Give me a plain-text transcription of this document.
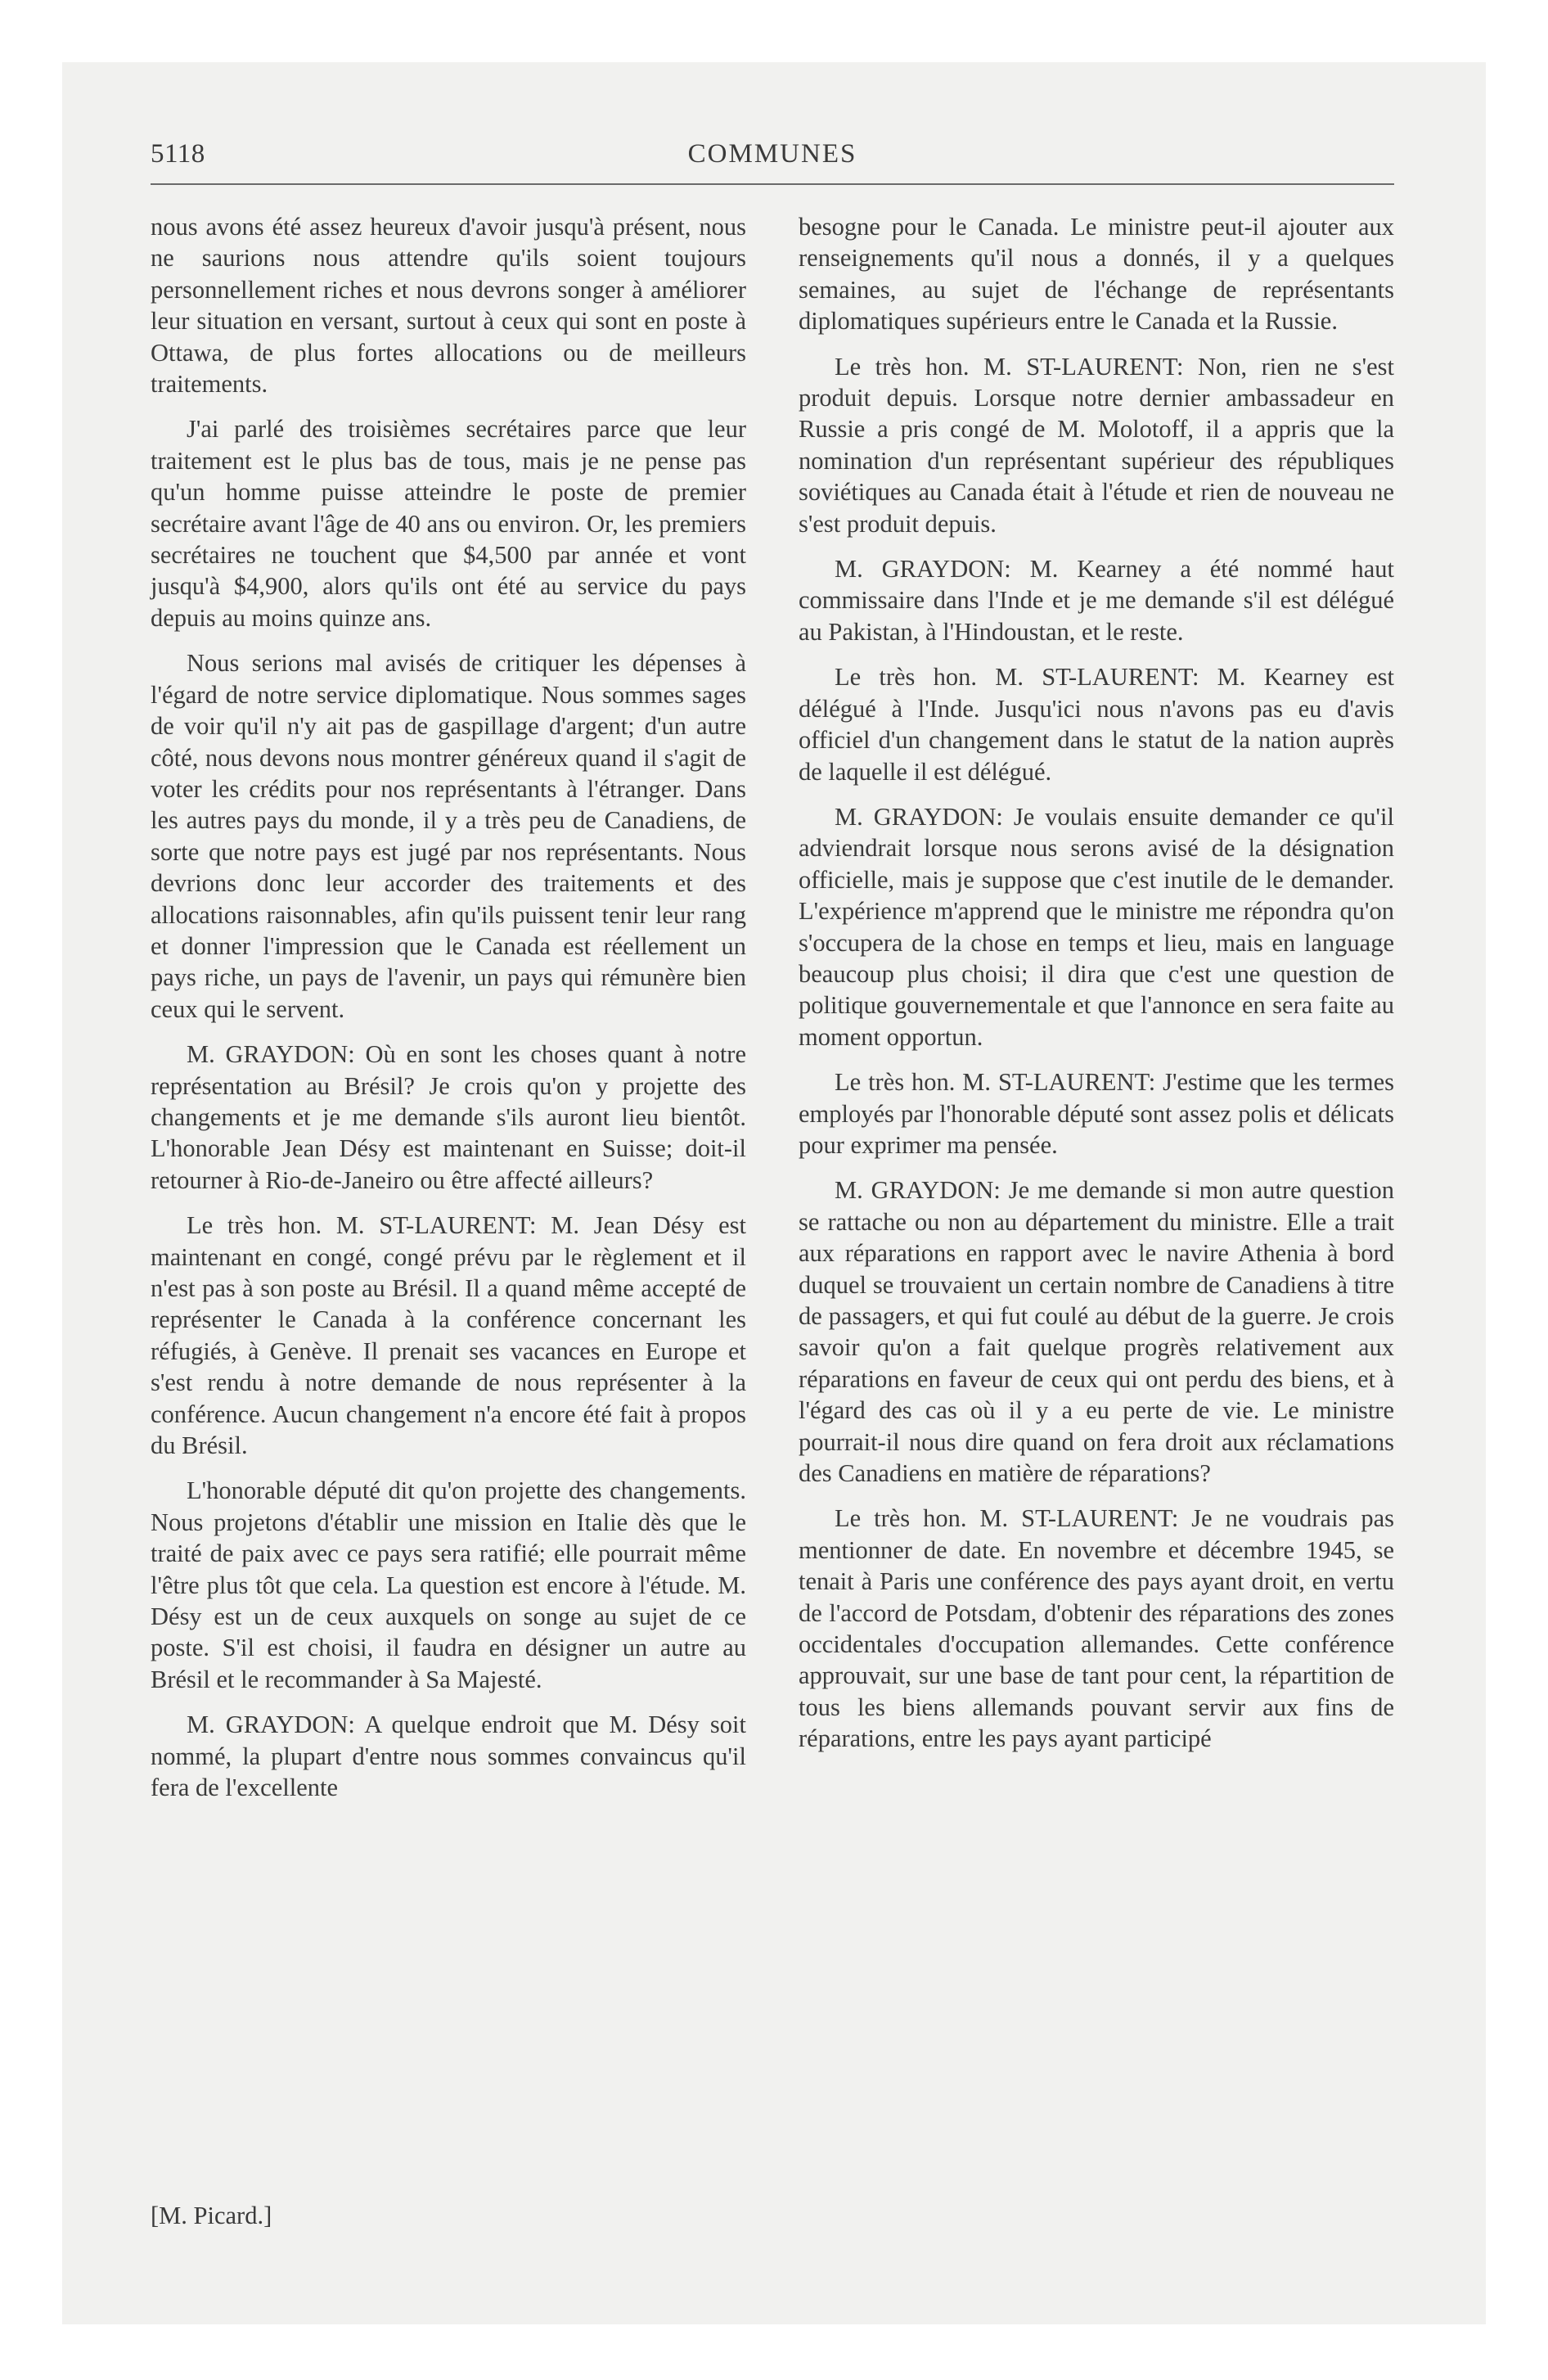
5118	COMMUNES

nous avons été assez heureux d'avoir jusqu'à présent, nous ne saurions nous attendre qu'ils soient toujours personnellement riches et nous devrons songer à améliorer leur situation en versant, surtout à ceux qui sont en poste à Ottawa, de plus fortes allocations ou de meilleurs traitements.

J'ai parlé des troisièmes secrétaires parce que leur traitement est le plus bas de tous, mais je ne pense pas qu'un homme puisse atteindre le poste de premier secrétaire avant l'âge de 40 ans ou environ. Or, les premiers secrétaires ne touchent que $4,500 par année et vont jusqu'à $4,900, alors qu'ils ont été au service du pays depuis au moins quinze ans.

Nous serions mal avisés de critiquer les dépenses à l'égard de notre service diplomatique. Nous sommes sages de voir qu'il n'y ait pas de gaspillage d'argent; d'un autre côté, nous devons nous montrer généreux quand il s'agit de voter les crédits pour nos représentants à l'étranger. Dans les autres pays du monde, il y a très peu de Canadiens, de sorte que notre pays est jugé par nos représentants. Nous devrions donc leur accorder des traitements et des allocations raisonnables, afin qu'ils puissent tenir leur rang et donner l'impression que le Canada est réellement un pays riche, un pays de l'avenir, un pays qui rémunère bien ceux qui le servent.

M. GRAYDON: Où en sont les choses quant à notre représentation au Brésil? Je crois qu'on y projette des changements et je me demande s'ils auront lieu bientôt. L'honorable Jean Désy est maintenant en Suisse; doit-il retourner à Rio-de-Janeiro ou être affecté ailleurs?

Le très hon. M. ST-LAURENT: M. Jean Désy est maintenant en congé, congé prévu par le règlement et il n'est pas à son poste au Brésil. Il a quand même accepté de représenter le Canada à la conférence concernant les réfugiés, à Genève. Il prenait ses vacances en Europe et s'est rendu à notre demande de nous représenter à la conférence. Aucun changement n'a encore été fait à propos du Brésil.

L'honorable député dit qu'on projette des changements. Nous projetons d'établir une mission en Italie dès que le traité de paix avec ce pays sera ratifié; elle pourrait même l'être plus tôt que cela. La question est encore à l'étude. M. Désy est un de ceux auxquels on songe au sujet de ce poste. S'il est choisi, il faudra en désigner un autre au Brésil et le recommander à Sa Majesté.

M. GRAYDON: A quelque endroit que M. Désy soit nommé, la plupart d'entre nous sommes convaincus qu'il fera de l'excellente

[M. Picard.]

besogne pour le Canada. Le ministre peut-il ajouter aux renseignements qu'il nous a donnés, il y a quelques semaines, au sujet de l'échange de représentants diplomatiques supérieurs entre le Canada et la Russie.

Le très hon. M. ST-LAURENT: Non, rien ne s'est produit depuis. Lorsque notre dernier ambassadeur en Russie a pris congé de M. Molotoff, il a appris que la nomination d'un représentant supérieur des républiques soviétiques au Canada était à l'étude et rien de nouveau ne s'est produit depuis.

M. GRAYDON: M. Kearney a été nommé haut commissaire dans l'Inde et je me demande s'il est délégué au Pakistan, à l'Hindoustan, et le reste.

Le très hon. M. ST-LAURENT: M. Kearney est délégué à l'Inde. Jusqu'ici nous n'avons pas eu d'avis officiel d'un changement dans le statut de la nation auprès de laquelle il est délégué.

M. GRAYDON: Je voulais ensuite demander ce qu'il adviendrait lorsque nous serons avisé de la désignation officielle, mais je suppose que c'est inutile de le demander. L'expérience m'apprend que le ministre me répondra qu'on s'occupera de la chose en temps et lieu, mais en language beaucoup plus choisi; il dira que c'est une question de politique gouvernementale et que l'annonce en sera faite au moment opportun.

Le très hon. M. ST-LAURENT: J'estime que les termes employés par l'honorable député sont assez polis et délicats pour exprimer ma pensée.

M. GRAYDON: Je me demande si mon autre question se rattache ou non au département du ministre. Elle a trait aux réparations en rapport avec le navire Athenia à bord duquel se trouvaient un certain nombre de Canadiens à titre de passagers, et qui fut coulé au début de la guerre. Je crois savoir qu'on a fait quelque progrès relativement aux réparations en faveur de ceux qui ont perdu des biens, et à l'égard des cas où il y a eu perte de vie. Le ministre pourrait-il nous dire quand on fera droit aux réclamations des Canadiens en matière de réparations?

Le très hon. M. ST-LAURENT: Je ne voudrais pas mentionner de date. En novembre et décembre 1945, se tenait à Paris une conférence des pays ayant droit, en vertu de l'accord de Potsdam, d'obtenir des réparations des zones occidentales d'occupation allemandes. Cette conférence approuvait, sur une base de tant pour cent, la répartition de tous les biens allemands pouvant servir aux fins de réparations, entre les pays ayant participé
